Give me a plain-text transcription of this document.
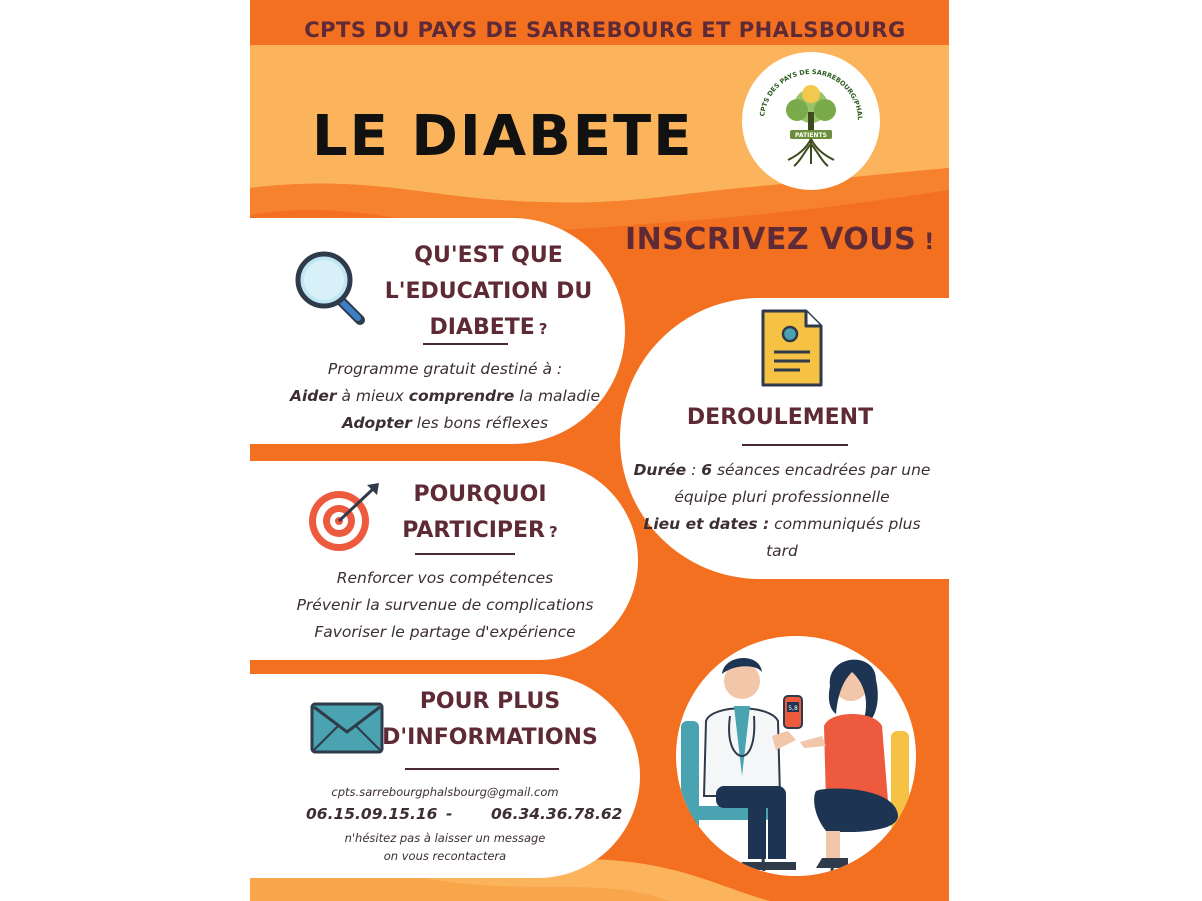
CPTS DU PAYS DE SARREBOURG ET PHALSBOURG
LE DIABETE	CPTS DES PAYS DE SARREBOURG/PHAL
PATIENTS
INSCRIVEZ VOUS !
QU'EST QUE
L'EDUCATION DU
DIABETE ?
Programme gratuit destiné à :
Aider à mieux comprendre la maladie
Adopter les bons réflexes
POURQUOI
PARTICIPER ?
Renforcer vos compétences
Prévenir la survenue de complications
Favoriser le partage d'expérience
POUR PLUS
D'INFORMATIONS
cpts.sarrebourgphalsbourg@gmail.com
06.15.09.15.16 - 06.34.36.78.62
n'hésitez pas à laisser un message
on vous recontactera
DEROULEMENT
Durée : 6 séances encadrées par une
équipe pluri professionnelle
Lieu et dates : communiqués plus
tard
5,8
